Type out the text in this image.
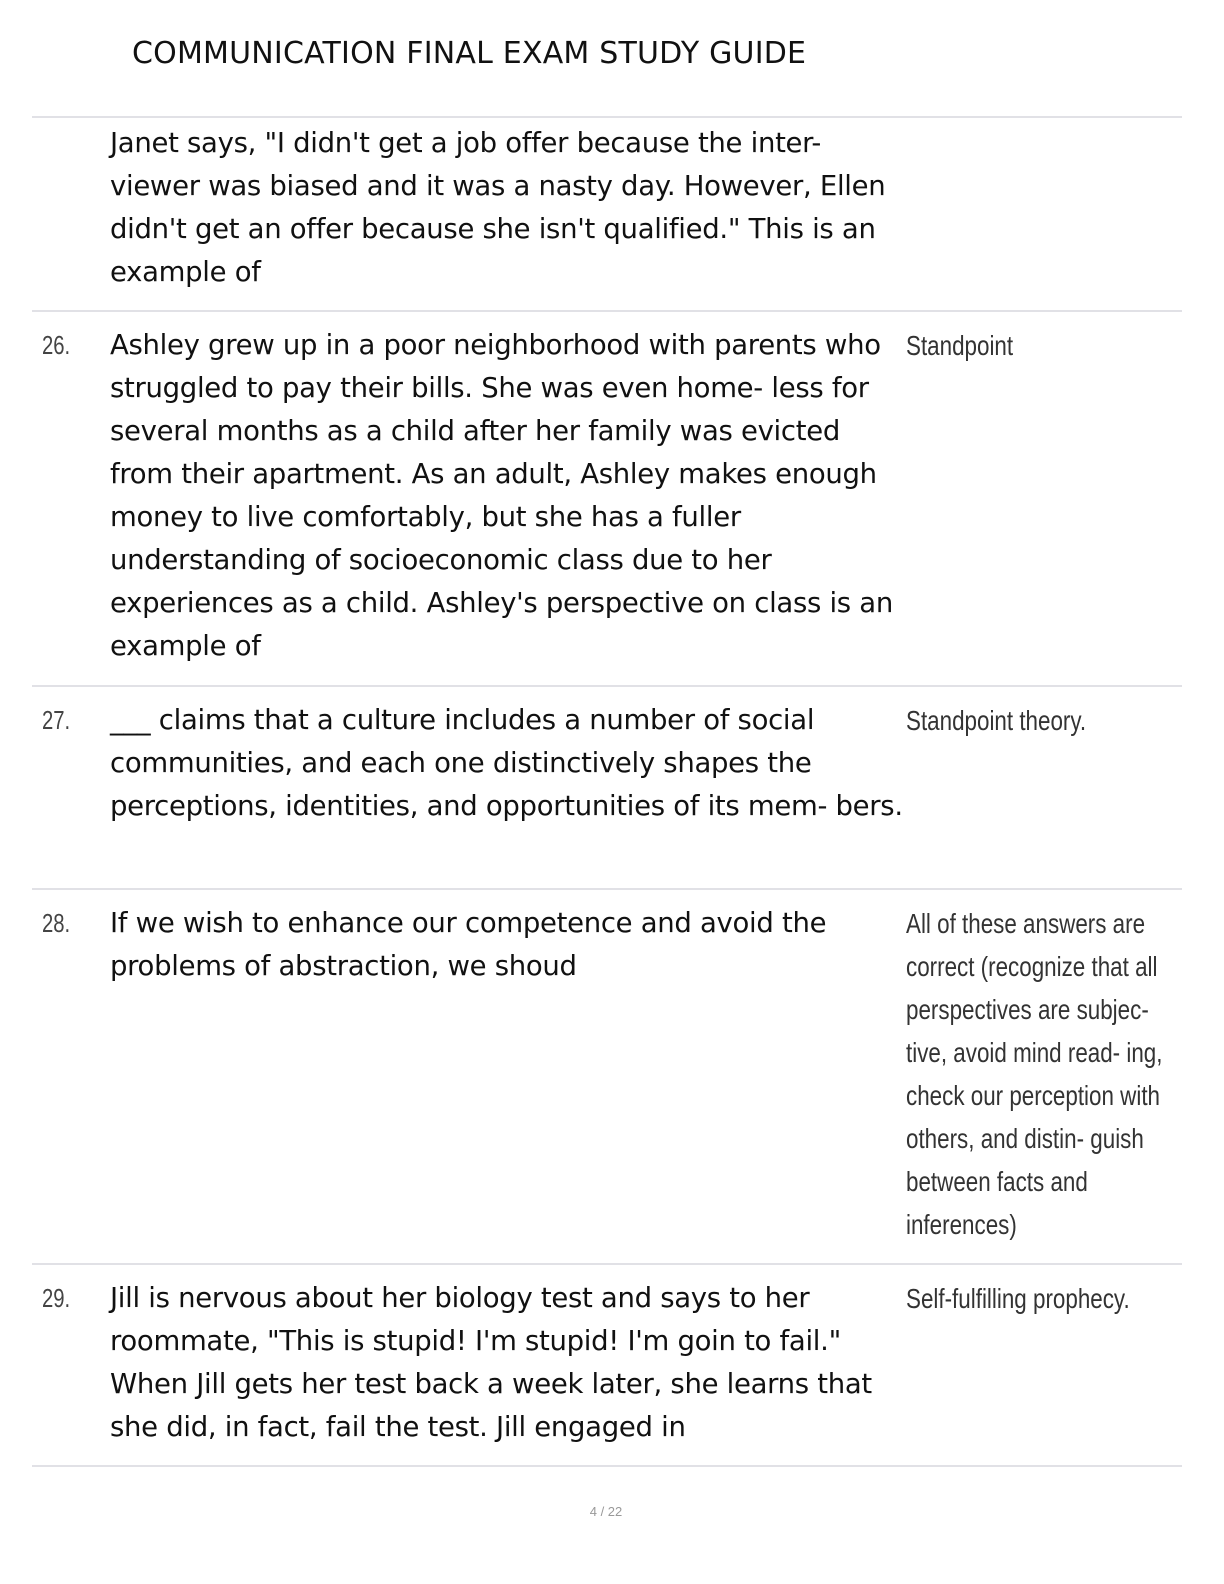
COMMUNICATION FINAL EXAM STUDY GUIDE
Janet says, "I didn't get a job offer because the inter- viewer was biased and it was a nasty day. However, Ellen didn't get an offer because she isn't qualified." This is an example of
26. Ashley grew up in a poor neighborhood with parents who struggled to pay their bills. She was even home- less for several months as a child after her family was evicted from their apartment. As an adult, Ashley makes enough money to live comfortably, but she has a fuller understanding of socioeconomic class due to her experiences as a child. Ashley's perspective on class is an example of
Standpoint
27. ___ claims that a culture includes a number of social communities, and each one distinctively shapes the perceptions, identities, and opportunities of its mem- bers.
Standpoint theory.
28. If we wish to enhance our competence and avoid the problems of abstraction, we shoud
All of these answers are correct (recognize that all perspectives are subjec- tive, avoid mind read- ing, check our perception with others, and distin- guish between facts and inferences)
29. Jill is nervous about her biology test and says to her roommate, "This is stupid! I'm stupid! I'm goin to fail." When Jill gets her test back a week later, she learns that she did, in fact, fail the test. Jill engaged in
Self-fulfilling prophecy.
4 / 22
